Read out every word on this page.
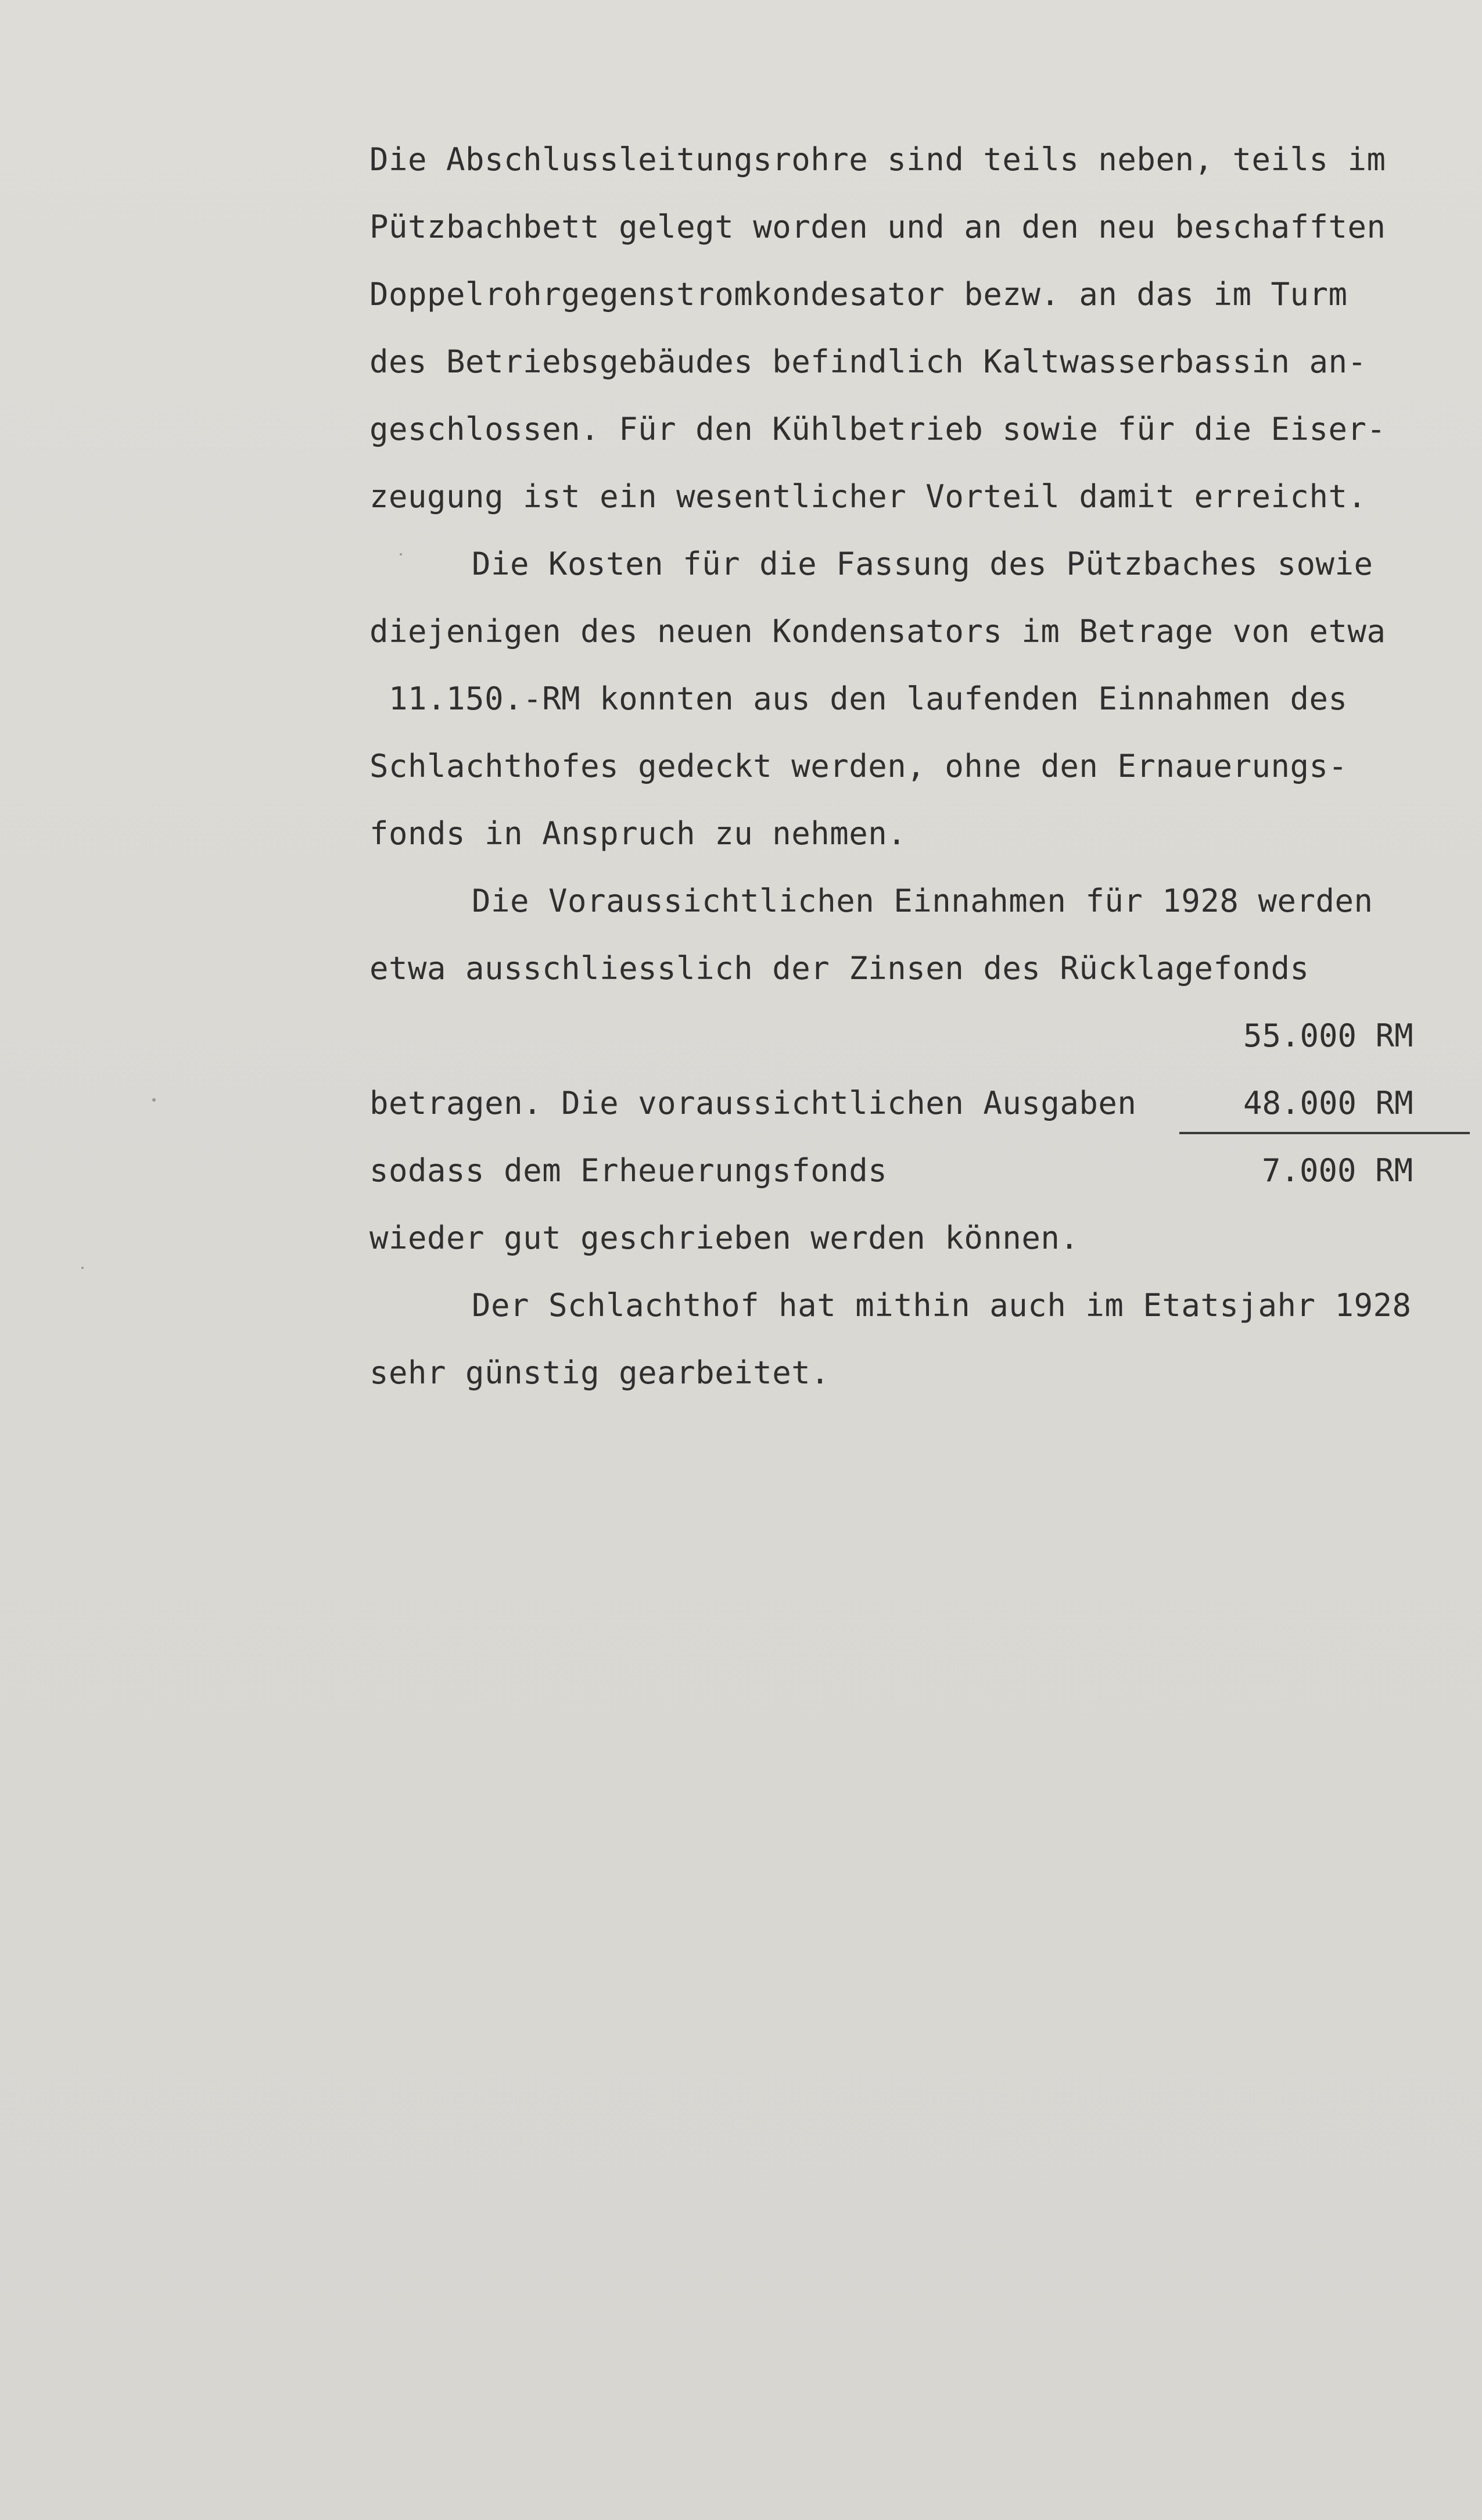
Die Abschlussleitungsrohre sind teils neben, teils im
Pützbachbett gelegt worden und an den neu beschafften
Doppelrohrgegenstromkondesator bezw. an das im Turm
des Betriebsgebäudes befindlich Kaltwasserbassin an-
geschlossen. Für den Kühlbetrieb sowie für die Eiser-
zeugung ist ein wesentlicher Vorteil damit erreicht.
Die Kosten für die Fassung des Pützbaches sowie
diejenigen des neuen Kondensators im Betrage von etwa
11.150.-RM konnten aus den laufenden Einnahmen des
Schlachthofes gedeckt werden, ohne den Ernauerungs-
fonds in Anspruch zu nehmen.
Die Voraussichtlichen Einnahmen für 1928 werden
etwa ausschliesslich der Zinsen des Rücklagefonds
55.000 RM
betragen. Die voraussichtlichen Ausgaben	48.000 RM
sodass dem Erheuerungsfonds	7.000 RM
wieder gut geschrieben werden können.
Der Schlachthof hat mithin auch im Etatsjahr 1928
sehr günstig gearbeitet.
